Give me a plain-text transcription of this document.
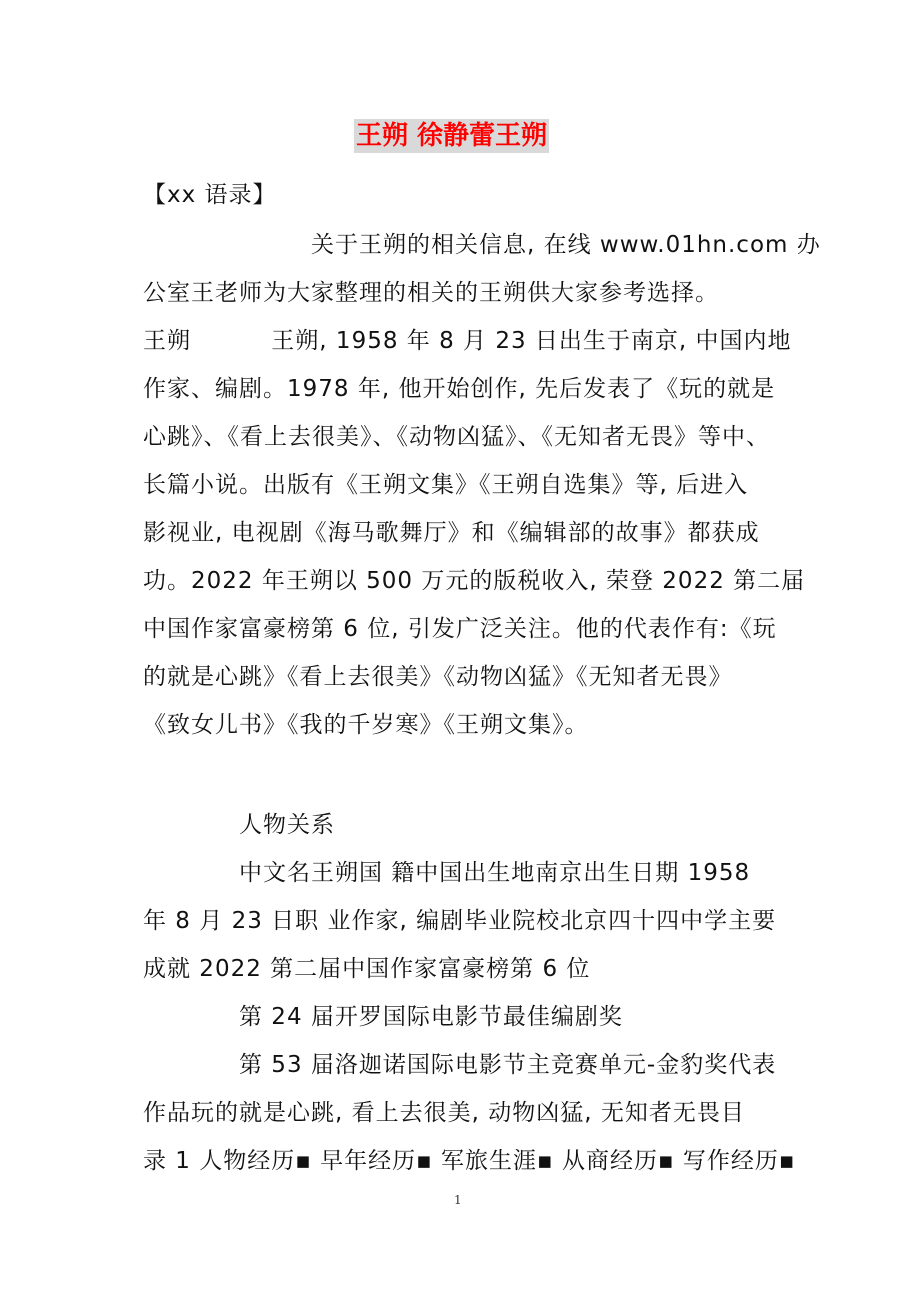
王朔 徐静蕾王朔
【xx 语录】
　　　　　　　关于王朔的相关信息, 在线 www.01hn.com 办
公室王老师为大家整理的相关的王朔供大家参考选择。
王朔　　　 王朔, 1958 年 8 月 23 日出生于南京, 中国内地
作家、编剧。1978 年, 他开始创作, 先后发表了《玩的就是
心跳》、《看上去很美》、《动物凶猛》、《无知者无畏》等中、
长篇小说。出版有《王朔文集》《王朔自选集》等, 后进入
影视业, 电视剧《海马歌舞厅》和《编辑部的故事》都获成
功。2022 年王朔以 500 万元的版税收入, 荣登 2022 第二届
中国作家富豪榜第 6 位, 引发广泛关注。他的代表作有:《玩
的就是心跳》《看上去很美》《动物凶猛》《无知者无畏》
《致女儿书》《我的千岁寒》《王朔文集》。
　　　　人物关系
　　　　中文名王朔国 籍中国出生地南京出生日期 1958
年 8 月 23 日职 业作家, 编剧毕业院校北京四十四中学主要
成就 2022 第二届中国作家富豪榜第 6 位
　　　　第 24 届开罗国际电影节最佳编剧奖
　　　　第 53 届洛迦诺国际电影节主竞赛单元-金豹奖代表
作品玩的就是心跳, 看上去很美, 动物凶猛, 无知者无畏目
录 1 人物经历▪ 早年经历▪ 军旅生涯▪ 从商经历▪ 写作经历▪
1
